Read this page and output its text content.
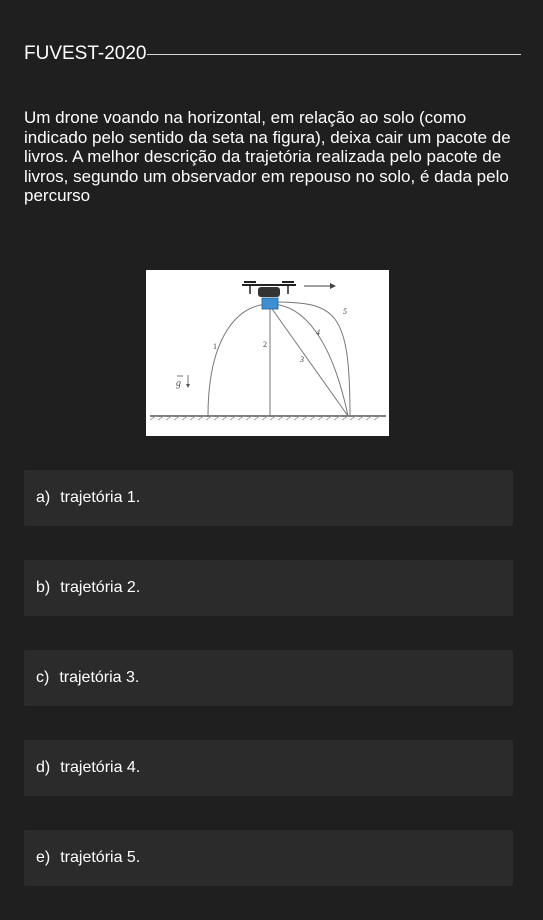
FUVEST-2020

Um drone voando na horizontal, em relação ao solo (como indicado pelo sentido da seta na figura), deixa cair um pacote de livros. A melhor descrição da trajetória realizada pelo pacote de livros, segundo um observador em repouso no solo, é dada pelo percurso

1	2
3
4
5
g
a) trajetória 1.
b) trajetória 2.
c) trajetória 3.
d) trajetória 4.
e) trajetória 5.
